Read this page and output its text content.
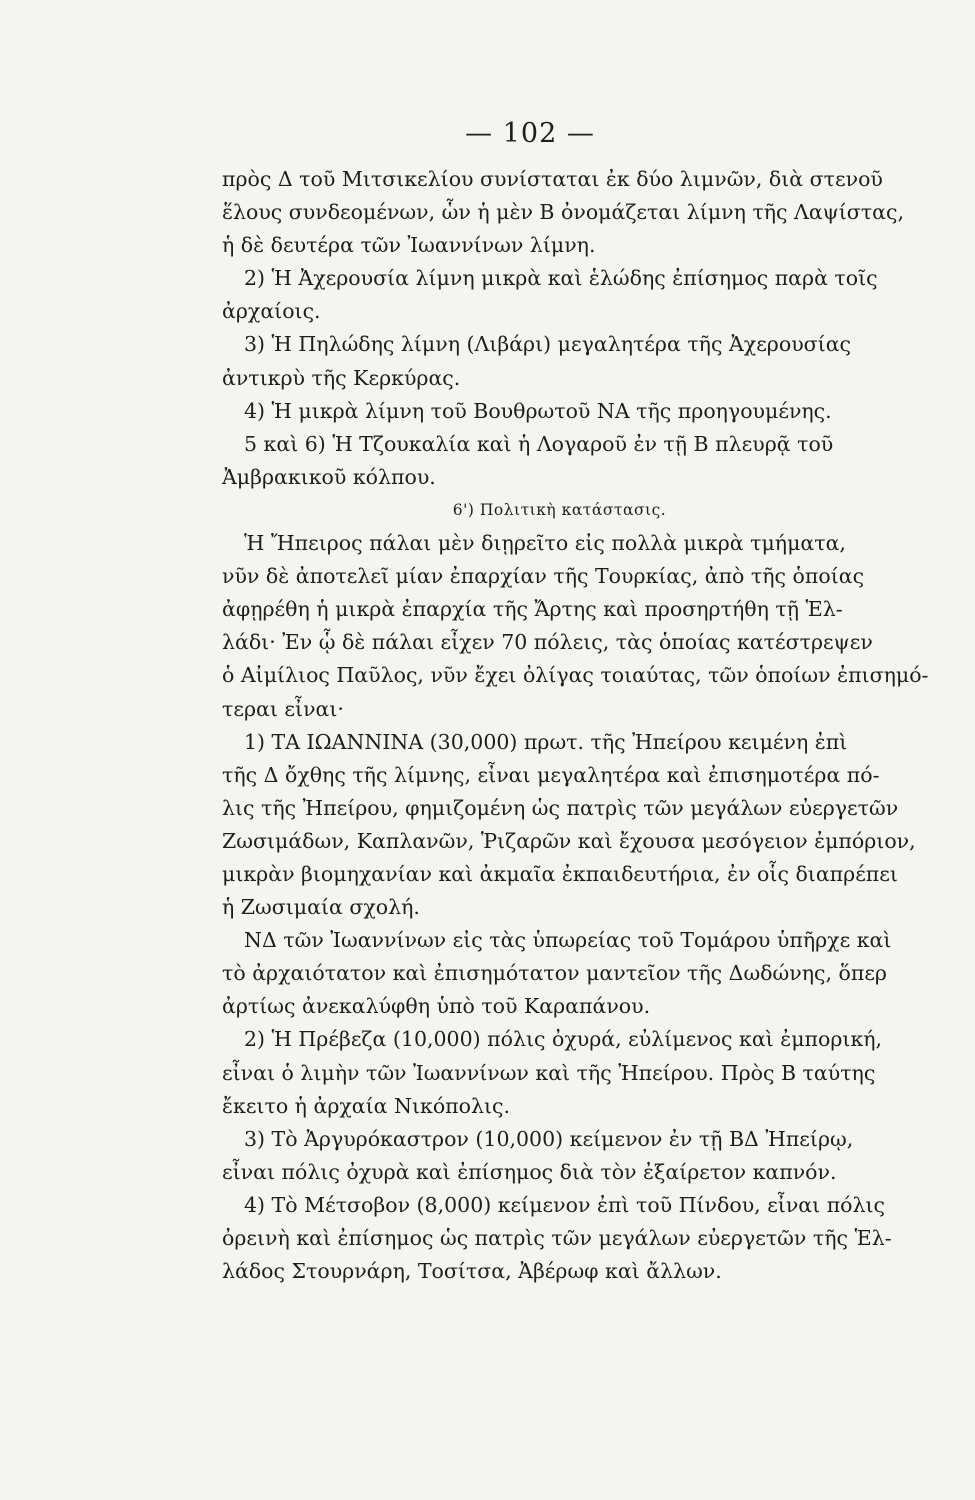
— 102 —
πρὸς Δ τοῦ Μιτσικελίου συνίσταται ἐκ δύο λιμνῶν, διὰ στενοῦ
ἕλους συνδεομένων, ὧν ἡ μὲν Β ὀνομάζεται λίμνη τῆς Λαψίστας,
ἡ δὲ δευτέρα τῶν Ἰωαννίνων λίμνη.
2) Ἡ Ἀχερουσία λίμνη μικρὰ καὶ ἑλώδης ἐπίσημος παρὰ τοῖς
ἀρχαίοις.
3) Ἡ Πηλώδης λίμνη (Λιβάρι) μεγαλητέρα τῆς Ἀχερουσίας
ἀντικρὺ τῆς Κερκύρας.
4) Ἡ μικρὰ λίμνη τοῦ Βουθρωτοῦ ΝΑ τῆς προηγουμένης.
5 καὶ 6) Ἡ Τζουκαλία καὶ ἡ Λογαροῦ ἐν τῇ Β πλευρᾷ τοῦ
Ἀμβρακικοῦ κόλπου.
6') Πολιτικὴ κατάστασις.
Ἡ Ἤπειρος πάλαι μὲν διῃρεῖτο εἰς πολλὰ μικρὰ τμήματα,
νῦν δὲ ἀποτελεῖ μίαν ἐπαρχίαν τῆς Τουρκίας, ἀπὸ τῆς ὁποίας
ἀφῃρέθη ἡ μικρὰ ἐπαρχία τῆς Ἄρτης καὶ προσηρτήθη τῇ Ἑλ-
λάδι· Ἐν ᾧ δὲ πάλαι εἶχεν 70 πόλεις, τὰς ὁποίας κατέστρεψεν
ὁ Αἰμίλιος Παῦλος, νῦν ἔχει ὀλίγας τοιαύτας, τῶν ὁποίων ἐπισημό-
τεραι εἶναι·
1) ΤΑ ΙΩΑΝΝΙΝΑ (30,000) πρωτ. τῆς Ἠπείρου κειμένη ἐπὶ
τῆς Δ ὄχθης τῆς λίμνης, εἶναι μεγαλητέρα καὶ ἐπισημοτέρα πό-
λις τῆς Ἠπείρου, φημιζομένη ὡς πατρὶς τῶν μεγάλων εὐεργετῶν
Ζωσιμάδων, Καπλανῶν, Ῥιζαρῶν καὶ ἔχουσα μεσόγειον ἐμπόριον,
μικρὰν βιομηχανίαν καὶ ἀκμαῖα ἐκπαιδευτήρια, ἐν οἷς διαπρέπει
ἡ Ζωσιμαία σχολή.
ΝΔ τῶν Ἰωαννίνων εἰς τὰς ὑπωρείας τοῦ Τομάρου ὑπῆρχε καὶ
τὸ ἀρχαιότατον καὶ ἐπισημότατον μαντεῖον τῆς Δωδώνης, ὅπερ
ἀρτίως ἀνεκαλύφθη ὑπὸ τοῦ Καραπάνου.
2) Ἡ Πρέβεζα (10,000) πόλις ὀχυρά, εὐλίμενος καὶ ἐμπορική,
εἶναι ὁ λιμὴν τῶν Ἰωαννίνων καὶ τῆς Ἠπείρου. Πρὸς Β ταύτης
ἔκειτο ἡ ἀρχαία Νικόπολις.
3) Τὸ Ἀργυρόκαστρον (10,000) κείμενον ἐν τῇ ΒΔ Ἠπείρῳ,
εἶναι πόλις ὀχυρὰ καὶ ἐπίσημος διὰ τὸν ἐξαίρετον καπνόν.
4) Τὸ Μέτσοβον (8,000) κείμενον ἐπὶ τοῦ Πίνδου, εἶναι πόλις
ὀρεινὴ καὶ ἐπίσημος ὡς πατρὶς τῶν μεγάλων εὐεργετῶν τῆς Ἑλ-
λάδος Στουρνάρη, Τοσίτσα, Ἀβέρωφ καὶ ἄλλων.
